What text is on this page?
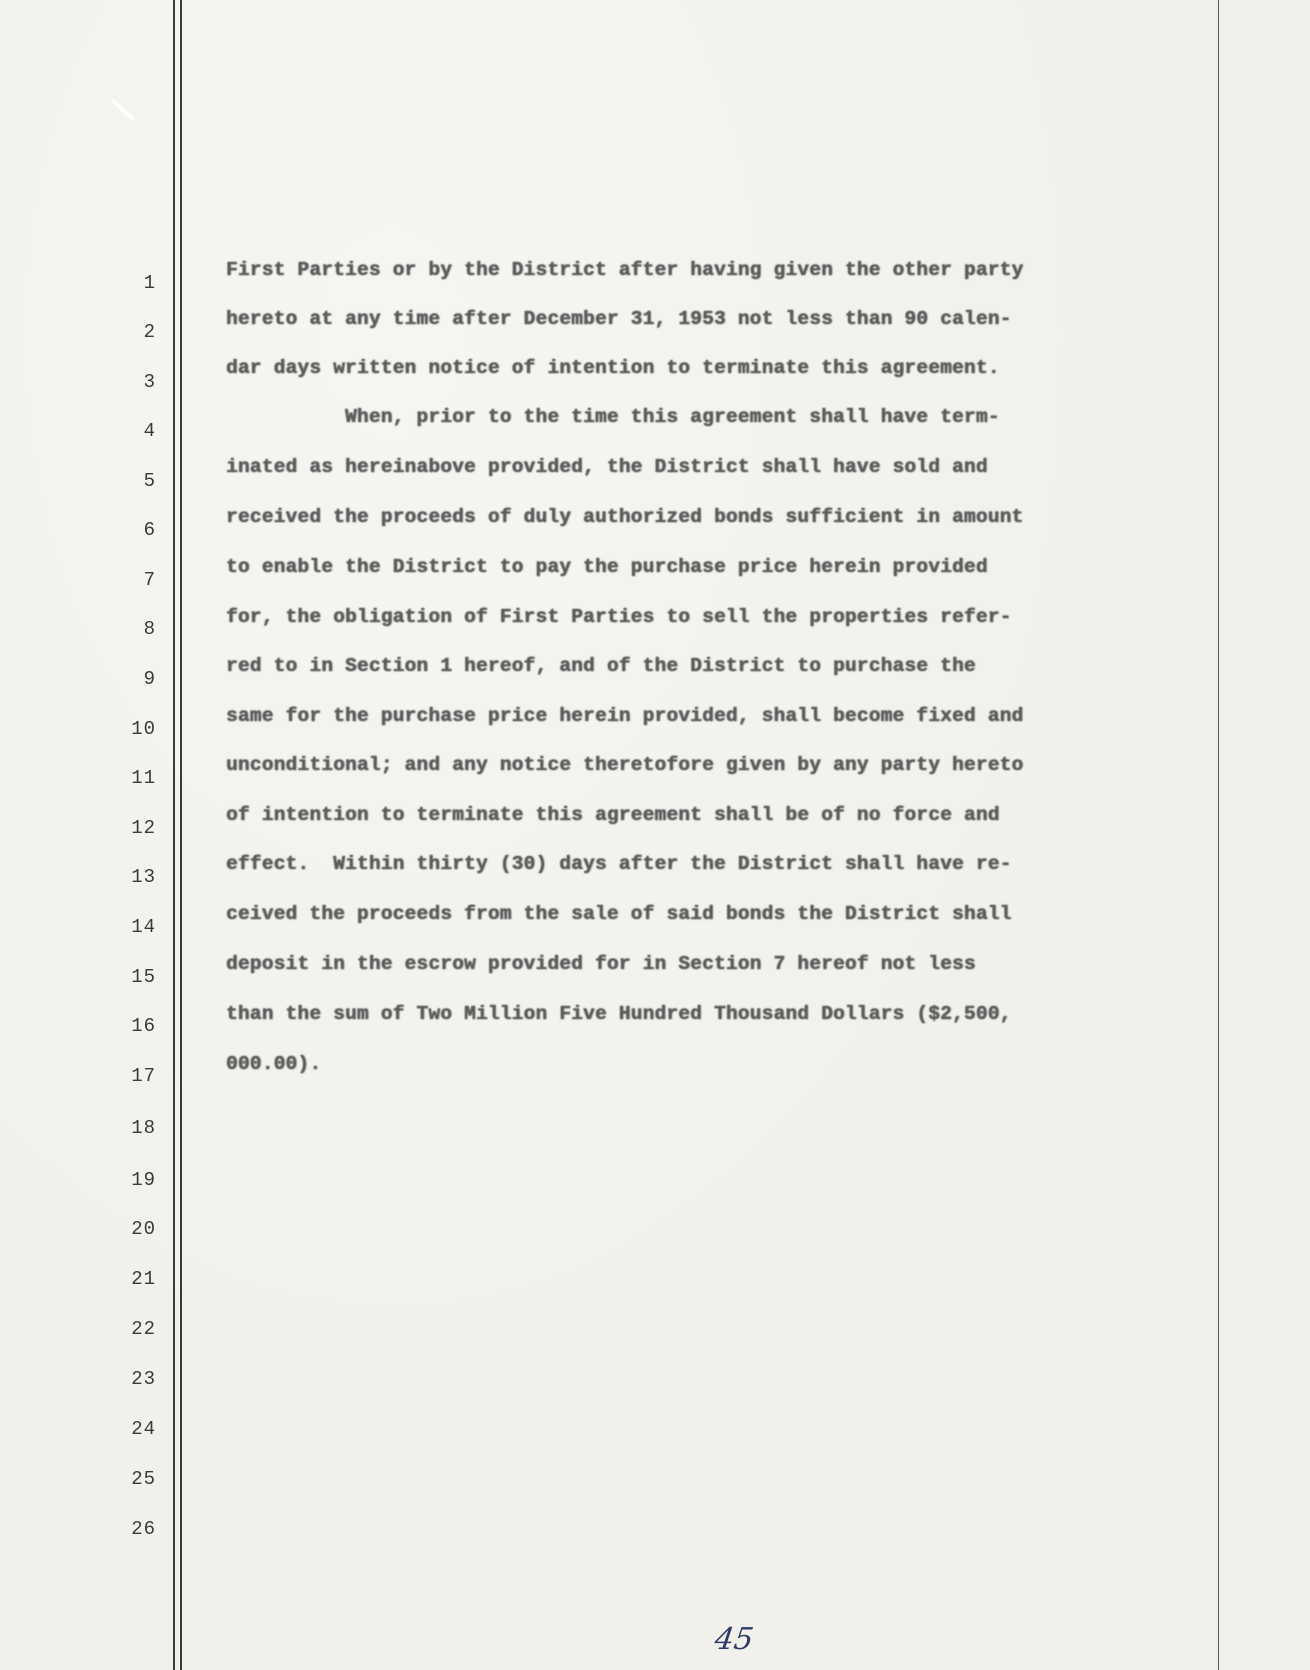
1
2
3
4
5
6
7
8
9
10
11
12
13
14
15
16
17
18
19
20
21
22
23
24
25
26
First Parties or by the District after having given the other party
hereto at any time after December 31, 1953 not less than 90 calen-
dar days written notice of intention to terminate this agreement.
When, prior to the time this agreement shall have term-
inated as hereinabove provided, the District shall have sold and
received the proceeds of duly authorized bonds sufficient in amount
to enable the District to pay the purchase price herein provided
for, the obligation of First Parties to sell the properties refer-
red to in Section 1 hereof, and of the District to purchase the
same for the purchase price herein provided, shall become fixed and
unconditional; and any notice theretofore given by any party hereto
of intention to terminate this agreement shall be of no force and
effect.  Within thirty (30) days after the District shall have re-
ceived the proceeds from the sale of said bonds the District shall
deposit in the escrow provided for in Section 7 hereof not less
than the sum of Two Million Five Hundred Thousand Dollars ($2,500,
000.00).
45
